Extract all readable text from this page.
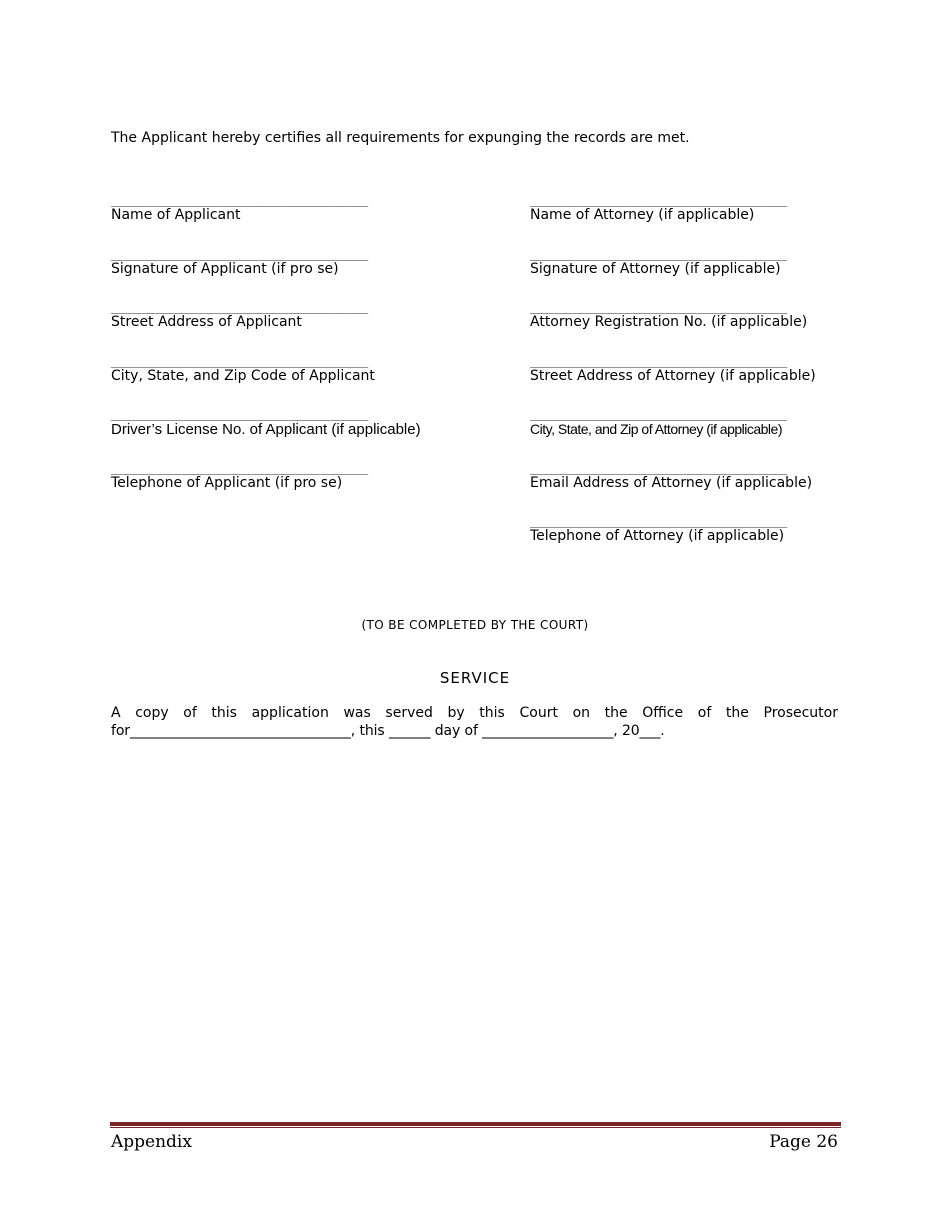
The Applicant hereby certifies all requirements for expunging the records are met.
_____________________________________
Name of Applicant
_____________________________________
Signature of Applicant (if pro se)
_____________________________________
Street Address of Applicant
_____________________________________
City, State, and Zip Code of Applicant
_____________________________________
Driver’s License No. of Applicant (if applicable)
_____________________________________
Telephone of Applicant (if pro se)
_____________________________________
Name of Attorney (if applicable)
_____________________________________
Signature of Attorney (if applicable)
_____________________________________
Attorney Registration No. (if applicable)
_____________________________________
Street Address of Attorney (if applicable)
_____________________________________
City, State, and Zip of Attorney (if applicable)
_____________________________________
Email Address of Attorney (if applicable)
_____________________________________
Telephone of Attorney (if applicable)
(TO BE COMPLETED BY THE COURT)
SERVICE
A copy of this application was served by this Court on the Office of the Prosecutor
for________________________________, this ______ day of ___________________, 20___.
Appendix	Page 26
